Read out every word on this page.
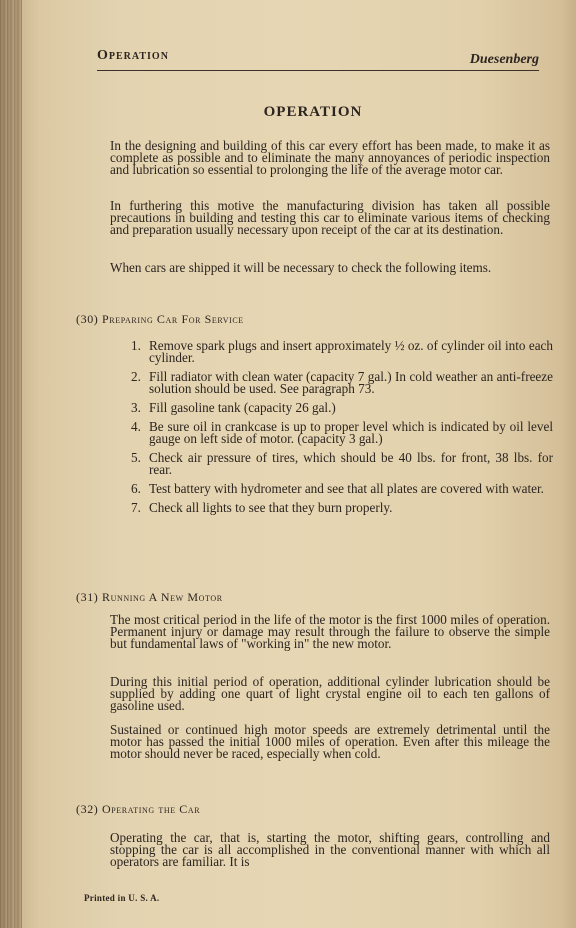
Operation	Duesenberg
OPERATION
In the designing and building of this car every effort has been made, to make it as complete as possible and to eliminate the many annoyances of periodic inspection and lubrication so essential to prolonging the life of the average motor car.
In furthering this motive the manufacturing division has taken all possible precautions in building and testing this car to eliminate various items of checking and preparation usually necessary upon receipt of the car at its destination.
When cars are shipped it will be necessary to check the following items.
(30) Preparing Car For Service
1. Remove spark plugs and insert approximately ½ oz. of cylinder oil into each cylinder.
2. Fill radiator with clean water (capacity 7 gal.) In cold weather an anti-freeze solution should be used. See paragraph 73.
3. Fill gasoline tank (capacity 26 gal.)
4. Be sure oil in crankcase is up to proper level which is indicated by oil level gauge on left side of motor. (capacity 3 gal.)
5. Check air pressure of tires, which should be 40 lbs. for front, 38 lbs. for rear.
6. Test battery with hydrometer and see that all plates are covered with water.
7. Check all lights to see that they burn properly.
(31) Running A New Motor
The most critical period in the life of the motor is the first 1000 miles of operation. Permanent injury or damage may result through the failure to observe the simple but fundamental laws of "working in" the new motor.
During this initial period of operation, additional cylinder lubrication should be supplied by adding one quart of light crystal engine oil to each ten gallons of gasoline used.
Sustained or continued high motor speeds are extremely detrimental until the motor has passed the initial 1000 miles of operation. Even after this mileage the motor should never be raced, especially when cold.
(32) Operating the Car
Operating the car, that is, starting the motor, shifting gears, controlling and stopping the car is all accomplished in the conventional manner with which all operators are familiar. It is
Printed in U. S. A.
